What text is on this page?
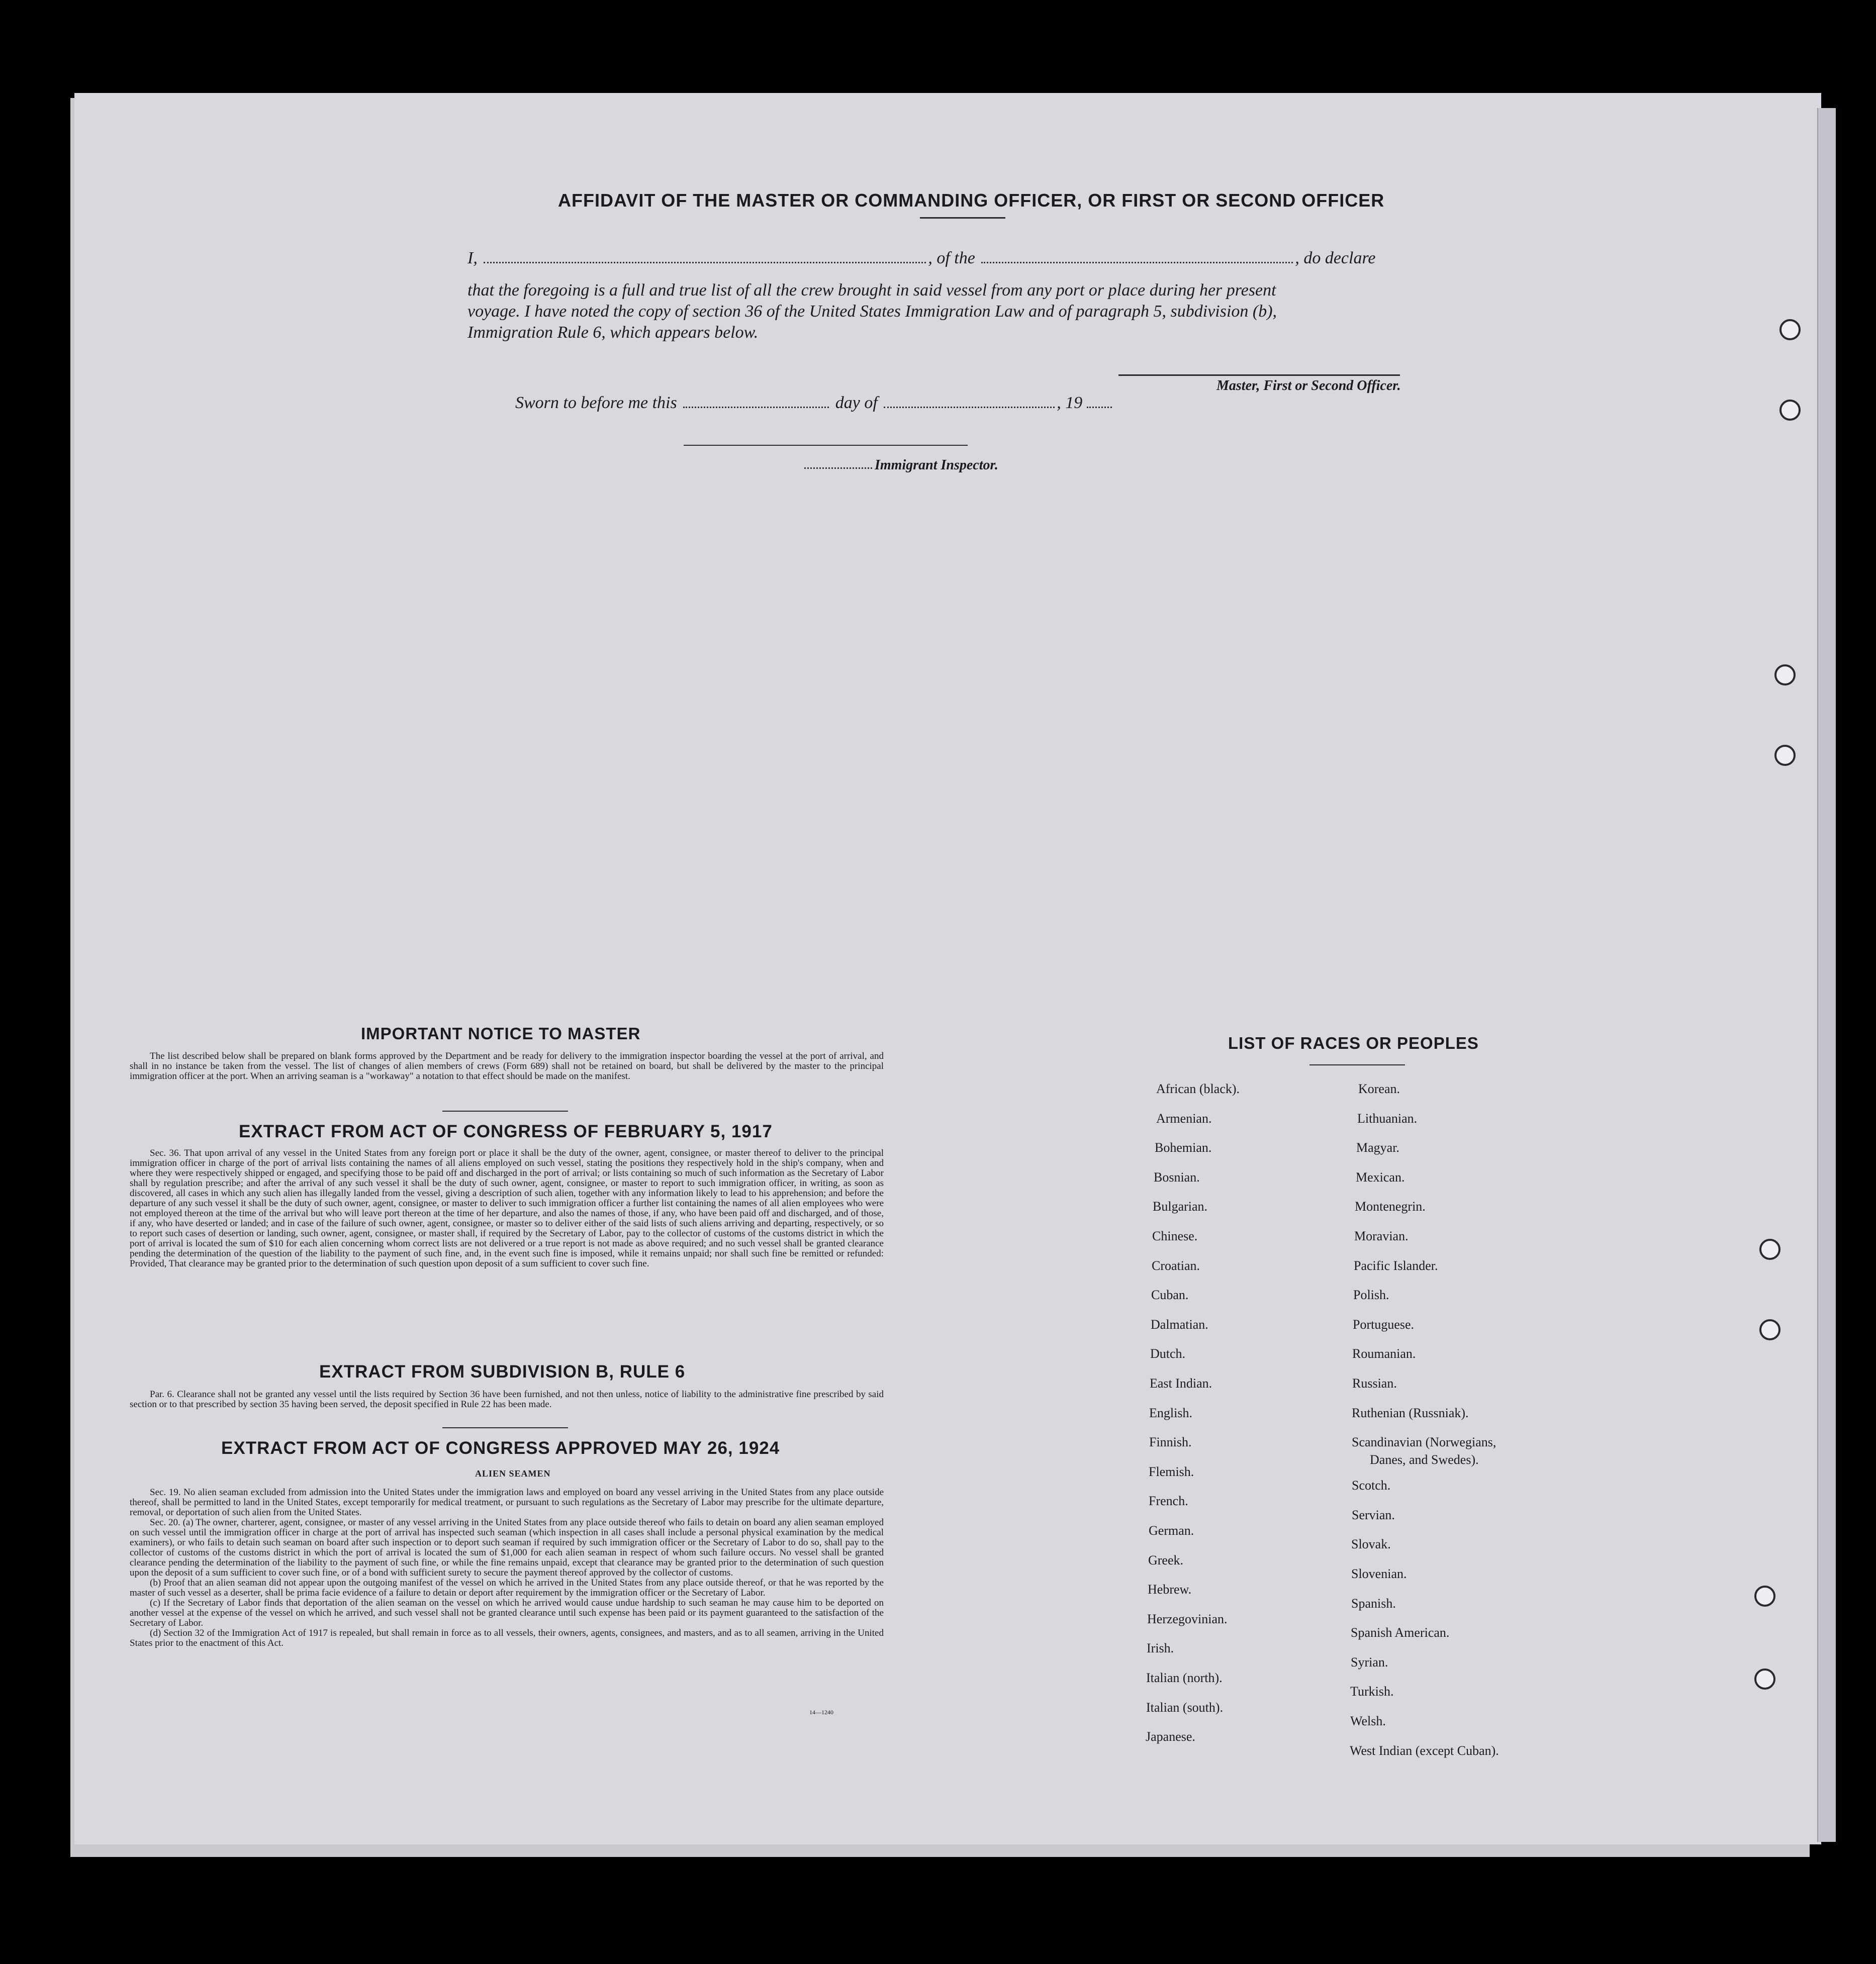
AFFIDAVIT OF THE MASTER OR COMMANDING OFFICER, OR FIRST OR SECOND OFFICER
I,	, of the	, do declare
that the foregoing is a full and true list of all the crew brought in said vessel from any port or place during her present
voyage. I have noted the copy of section 36 of the United States Immigration Law and of paragraph 5, subdivision (b),
Immigration Rule 6, which appears below.
Master, First or Second Officer.
Sworn to before me this	day of	, 19
Immigrant Inspector.
IMPORTANT NOTICE TO MASTER

The list described below shall be prepared on blank forms approved by the Department and be ready for delivery to the immigration inspector boarding the vessel at the port of arrival, and shall in no instance be taken from the vessel. The list of changes of alien members of crews (Form 689) shall not be retained on board, but shall be delivered by the master to the principal immigration officer at the port. When an arriving seaman is a "workaway" a notation to that effect should be made on the manifest.

EXTRACT FROM ACT OF CONGRESS OF FEBRUARY 5, 1917

Sec. 36. That upon arrival of any vessel in the United States from any foreign port or place it shall be the duty of the owner, agent, consignee, or master thereof to deliver to the principal immigration officer in charge of the port of arrival lists containing the names of all aliens employed on such vessel, stating the positions they respectively hold in the ship's company, when and where they were respectively shipped or engaged, and specifying those to be paid off and discharged in the port of arrival; or lists containing so much of such information as the Secretary of Labor shall by regulation prescribe; and after the arrival of any such vessel it shall be the duty of such owner, agent, consignee, or master to report to such immigration officer, in writing, as soon as discovered, all cases in which any such alien has illegally landed from the vessel, giving a description of such alien, together with any information likely to lead to his apprehension; and before the departure of any such vessel it shall be the duty of such owner, agent, consignee, or master to deliver to such immigration officer a further list containing the names of all alien employees who were not employed thereon at the time of the arrival but who will leave port thereon at the time of her departure, and also the names of those, if any, who have been paid off and discharged, and of those, if any, who have deserted or landed; and in case of the failure of such owner, agent, consignee, or master so to deliver either of the said lists of such aliens arriving and departing, respectively, or so to report such cases of desertion or landing, such owner, agent, consignee, or master shall, if required by the Secretary of Labor, pay to the collector of customs of the customs district in which the port of arrival is located the sum of $10 for each alien concerning whom correct lists are not delivered or a true report is not made as above required; and no such vessel shall be granted clearance pending the determination of the question of the liability to the payment of such fine, and, in the event such fine is imposed, while it remains unpaid; nor shall such fine be remitted or refunded: Provided, That clearance may be granted prior to the determination of such question upon deposit of a sum sufficient to cover such fine.

EXTRACT FROM SUBDIVISION B, RULE 6

Par. 6. Clearance shall not be granted any vessel until the lists required by Section 36 have been furnished, and not then unless, notice of liability to the administrative fine prescribed by said section or to that prescribed by section 35 having been served, the deposit specified in Rule 22 has been made.

EXTRACT FROM ACT OF CONGRESS APPROVED MAY 26, 1924
ALIEN SEAMEN

Sec. 19. No alien seaman excluded from admission into the United States under the immigration laws and employed on board any vessel arriving in the United States from any place outside thereof, shall be permitted to land in the United States, except temporarily for medical treatment, or pursuant to such regulations as the Secretary of Labor may prescribe for the ultimate departure, removal, or deportation of such alien from the United States.

Sec. 20. (a) The owner, charterer, agent, consignee, or master of any vessel arriving in the United States from any place outside thereof who fails to detain on board any alien seaman employed on such vessel until the immigration officer in charge at the port of arrival has inspected such seaman (which inspection in all cases shall include a personal physical examination by the medical examiners), or who fails to detain such seaman on board after such inspection or to deport such seaman if required by such immigration officer or the Secretary of Labor to do so, shall pay to the collector of customs of the customs district in which the port of arrival is located the sum of $1,000 for each alien seaman in respect of whom such failure occurs. No vessel shall be granted clearance pending the determination of the liability to the payment of such fine, or while the fine remains unpaid, except that clearance may be granted prior to the determination of such question upon the deposit of a sum sufficient to cover such fine, or of a bond with sufficient surety to secure the payment thereof approved by the collector of customs.

(b) Proof that an alien seaman did not appear upon the outgoing manifest of the vessel on which he arrived in the United States from any place outside thereof, or that he was reported by the master of such vessel as a deserter, shall be prima facie evidence of a failure to detain or deport after requirement by the immigration officer or the Secretary of Labor.

(c) If the Secretary of Labor finds that deportation of the alien seaman on the vessel on which he arrived would cause undue hardship to such seaman he may cause him to be deported on another vessel at the expense of the vessel on which he arrived, and such vessel shall not be granted clearance until such expense has been paid or its payment guaranteed to the satisfaction of the Secretary of Labor.

(d) Section 32 of the Immigration Act of 1917 is repealed, but shall remain in force as to all vessels, their owners, agents, consignees, and masters, and as to all seamen, arriving in the United States prior to the enactment of this Act.

14—1240
LIST OF RACES OR PEOPLES
African (black).
Armenian.
Bohemian.
Bosnian.
Bulgarian.
Chinese.
Croatian.
Cuban.
Dalmatian.
Dutch.
East Indian.
English.
Finnish.
Flemish.
French.
German.
Greek.
Hebrew.
Herzegovinian.
Irish.
Italian (north).
Italian (south).
Japanese.
Korean.
Lithuanian.
Magyar.
Mexican.
Montenegrin.
Moravian.
Pacific Islander.
Polish.
Portuguese.
Roumanian.
Russian.
Ruthenian (Russniak).
Scandinavian (Norwegians,
Scotch.
Servian.
Slovak.
Slovenian.
Spanish.
Spanish American.
Syrian.
Turkish.
Welsh.
West Indian (except Cuban).
Danes, and Swedes).
